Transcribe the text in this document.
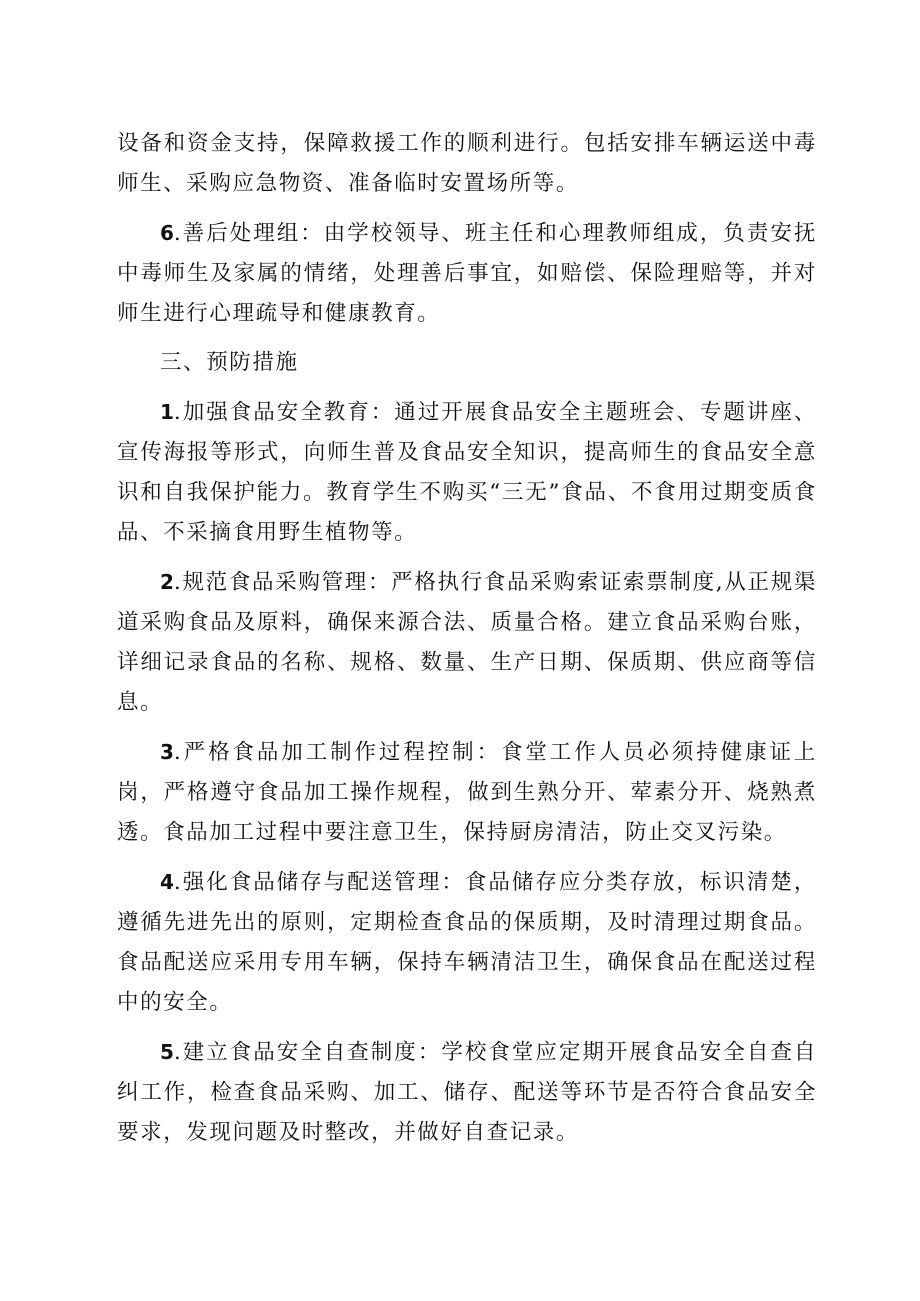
设备和资金支持，保障救援工作的顺利进行。包括安排车辆运送中毒师生、采购应急物资、准备临时安置场所等。

6.善后处理组：由学校领导、班主任和心理教师组成，负责安抚中毒师生及家属的情绪，处理善后事宜，如赔偿、保险理赔等，并对师生进行心理疏导和健康教育。

三、预防措施

1.加强食品安全教育：通过开展食品安全主题班会、专题讲座、宣传海报等形式，向师生普及食品安全知识，提高师生的食品安全意识和自我保护能力。教育学生不购买“三无”食品、不食用过期变质食品、不采摘食用野生植物等。

2.规范食品采购管理：严格执行食品采购索证索票制度,从正规渠道采购食品及原料，确保来源合法、质量合格。建立食品采购台账，详细记录食品的名称、规格、数量、生产日期、保质期、供应商等信息。

3.严格食品加工制作过程控制：食堂工作人员必须持健康证上岗，严格遵守食品加工操作规程，做到生熟分开、荤素分开、烧熟煮透。食品加工过程中要注意卫生，保持厨房清洁，防止交叉污染。

4.强化食品储存与配送管理：食品储存应分类存放，标识清楚，遵循先进先出的原则，定期检查食品的保质期，及时清理过期食品。食品配送应采用专用车辆，保持车辆清洁卫生，确保食品在配送过程中的安全。

5.建立食品安全自查制度：学校食堂应定期开展食品安全自查自纠工作，检查食品采购、加工、储存、配送等环节是否符合食品安全要求，发现问题及时整改，并做好自查记录。
